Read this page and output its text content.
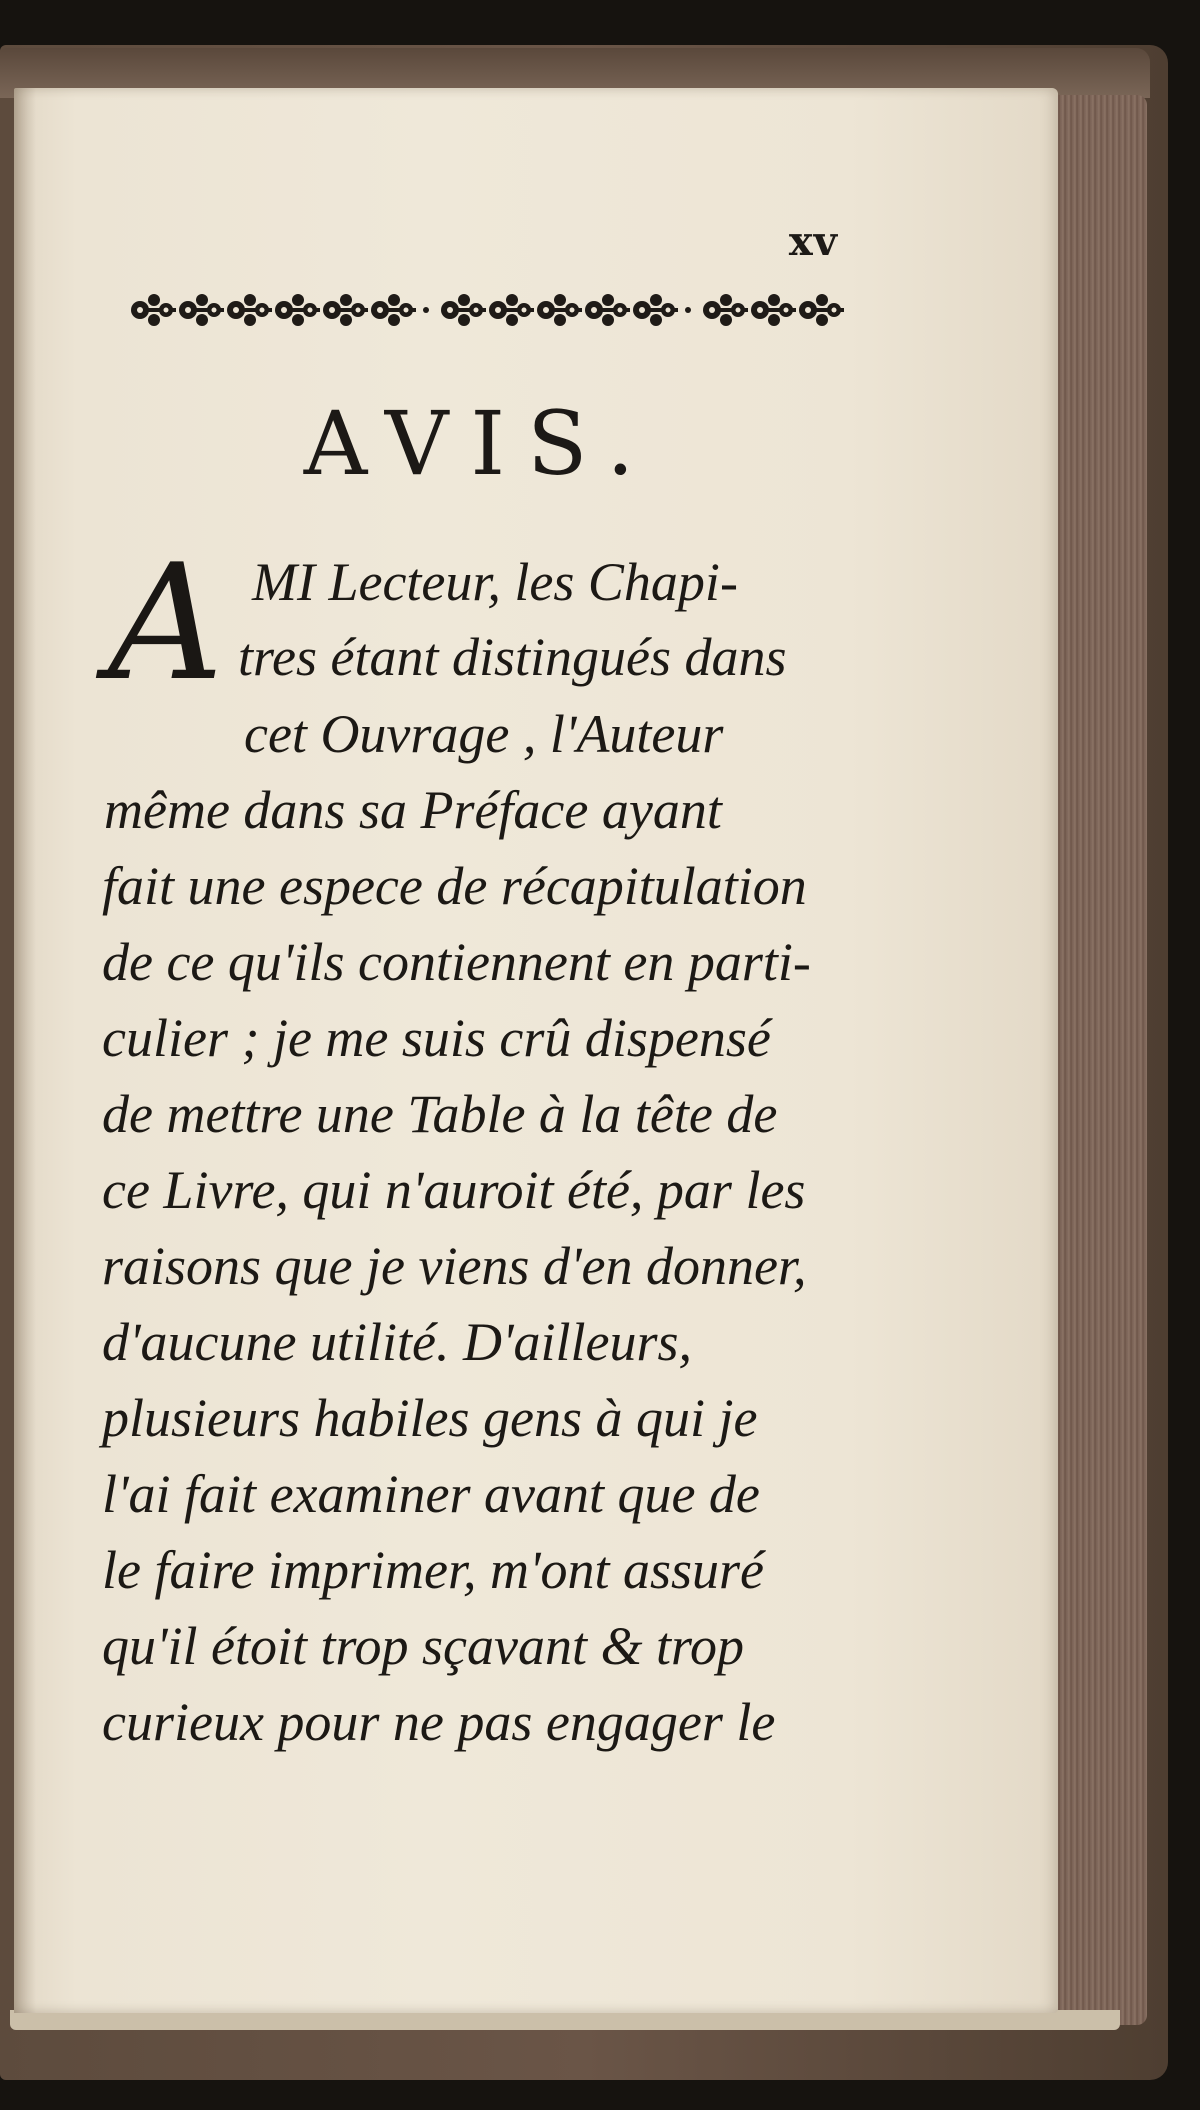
xv
AVIS.
A MI Lecteur, les Chapi-
tres étant distingués dans
cet Ouvrage , l'Auteur
même dans sa Préface ayant
fait une espece de récapitulation
de ce qu'ils contiennent en parti-
culier ; je me suis crû dispensé
de mettre une Table à la tête de
ce Livre, qui n'auroit été, par les
raisons que je viens d'en donner,
d'aucune utilité. D'ailleurs,
plusieurs habiles gens à qui je
l'ai fait examiner avant que de
le faire imprimer, m'ont assuré
qu'il étoit trop sçavant & trop
curieux pour ne pas engager le
